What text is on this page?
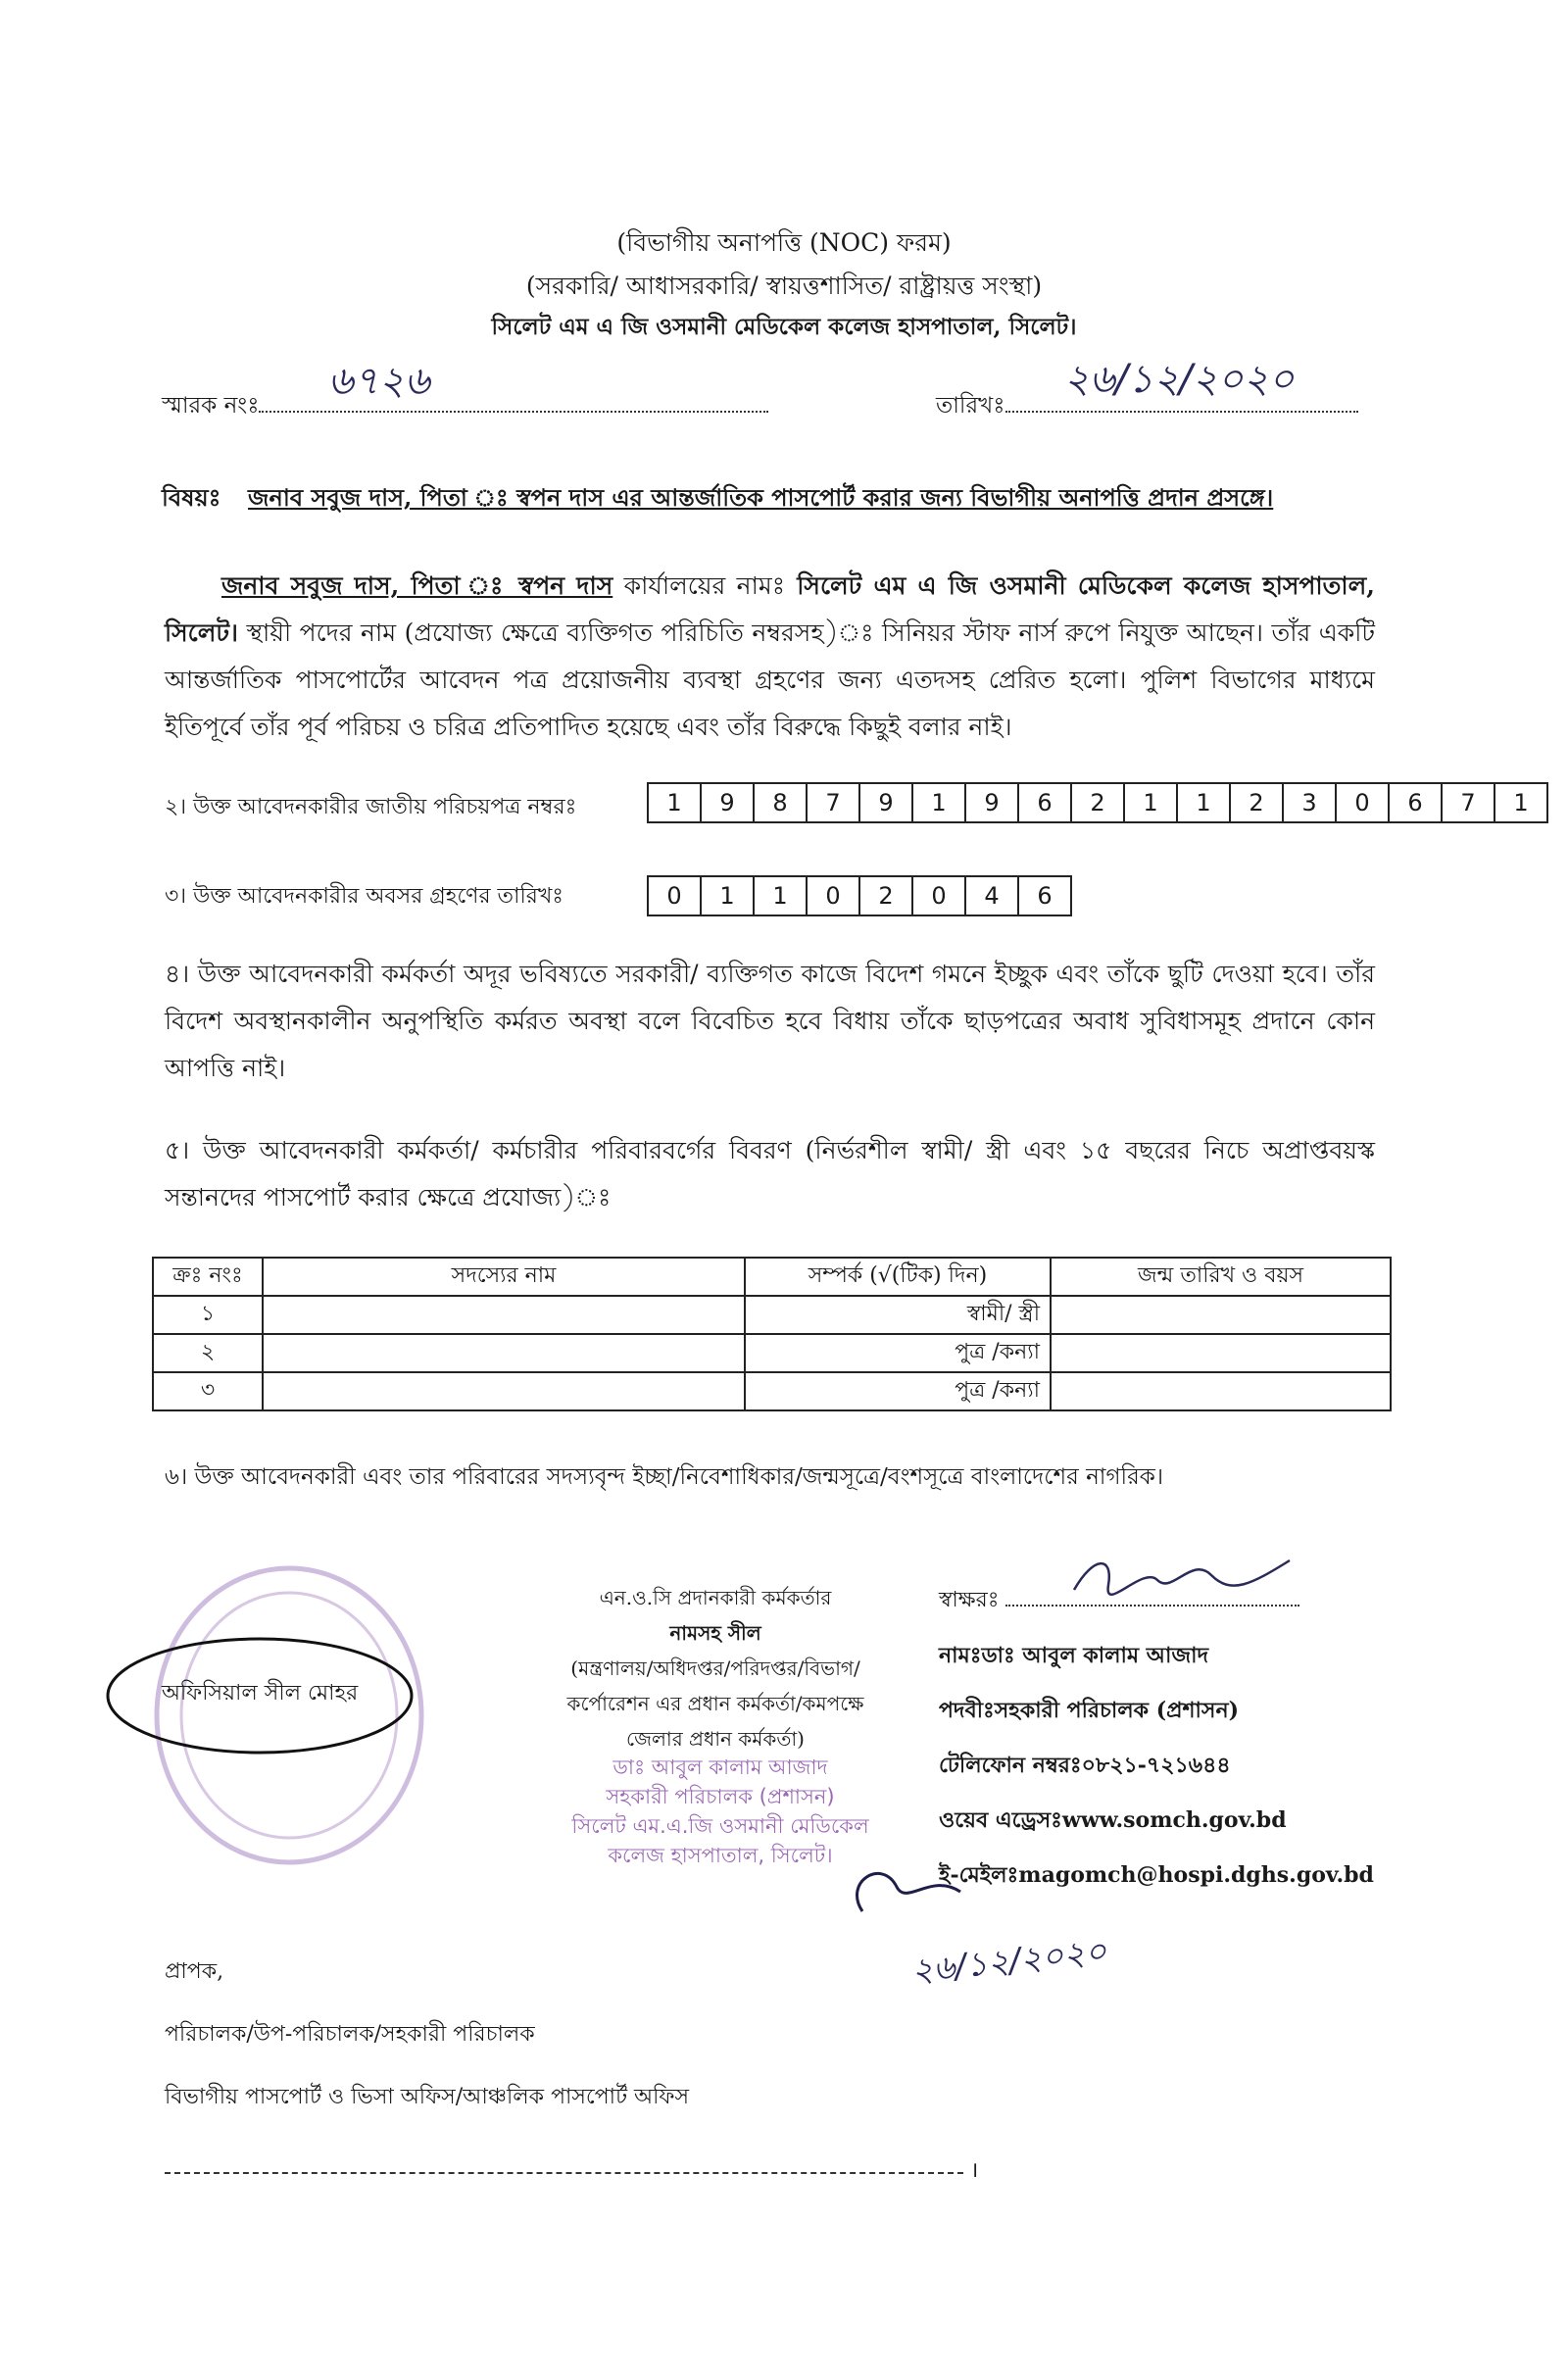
(বিভাগীয় অনাপত্তি (NOC) ফরম)
(সরকারি/ আধাসরকারি/ স্বায়ত্তশাসিত/ রাষ্ট্রায়ত্ত সংস্থা)
সিলেট এম এ জি ওসমানী মেডিকেল কলেজ হাসপাতাল, সিলেট।
স্মারক নংঃ
৬৭২৬
তারিখঃ
২৬/১২/২০২০
বিষয়ঃ জনাব সবুজ দাস, পিতা ঃ স্বপন দাস এর আন্তর্জাতিক পাসপোর্ট করার জন্য বিভাগীয় অনাপত্তি প্রদান প্রসঙ্গে।
জনাব সবুজ দাস, পিতা ঃ স্বপন দাস কার্যালয়ের নামঃ সিলেট এম এ জি ওসমানী মেডিকেল কলেজ হাসপাতাল, সিলেট। স্থায়ী পদের নাম (প্রযোজ্য ক্ষেত্রে ব্যক্তিগত পরিচিতি নম্বরসহ)ঃ সিনিয়র স্টাফ নার্স রুপে নিযুক্ত আছেন। তাঁর একটি আন্তর্জাতিক পাসপোর্টের আবেদন পত্র প্রয়োজনীয় ব্যবস্থা গ্রহণের জন্য এতদসহ প্রেরিত হলো। পুলিশ বিভাগের মাধ্যমে ইতিপূর্বে তাঁর পূর্ব পরিচয় ও চরিত্র প্রতিপাদিত হয়েছে এবং তাঁর বিরুদ্ধে কিছুই বলার নাই।
২। উক্ত আবেদনকারীর জাতীয় পরিচয়পত্র নম্বরঃ	1	9	8	7	9	1	9	6	2	1	1	2	3	0	6	7	1
৩। উক্ত আবেদনকারীর অবসর গ্রহণের তারিখঃ	0	1	1	0	2	0	4	6
৪। উক্ত আবেদনকারী কর্মকর্তা অদূর ভবিষ্যতে সরকারী/ ব্যক্তিগত কাজে বিদেশ গমনে ইচ্ছুক এবং তাঁকে ছুটি দেওয়া হবে। তাঁর বিদেশ অবস্থানকালীন অনুপস্থিতি কর্মরত অবস্থা বলে বিবেচিত হবে বিধায় তাঁকে ছাড়পত্রের অবাধ সুবিধাসমূহ প্রদানে কোন আপত্তি নাই।
৫। উক্ত আবেদনকারী কর্মকর্তা/ কর্মচারীর পরিবারবর্গের বিবরণ (নির্ভরশীল স্বামী/ স্ত্রী এবং ১৫ বছরের নিচে অপ্রাপ্তবয়স্ক সন্তানদের পাসপোর্ট করার ক্ষেত্রে প্রযোজ্য)ঃ
ক্রঃ নংঃ	সদস্যের নাম	সম্পর্ক (√(টিক) দিন)	জন্ম তারিখ ও বয়স
১		স্বামী/ স্ত্রী	
২		পুত্র /কন্যা	
৩		পুত্র /কন্যা	
৬। উক্ত আবেদনকারী এবং তার পরিবারের সদস্যবৃন্দ ইচ্ছা/নিবেশাধিকার/জন্মসূত্রে/বংশসূত্রে বাংলাদেশের নাগরিক।
অফিসিয়াল সীল মোহর
এন.ও.সি প্রদানকারী কর্মকর্তার
নামসহ সীল
(মন্ত্রণালয়/অধিদপ্তর/পরিদপ্তর/বিভাগ/
কর্পোরেশন এর প্রধান কর্মকর্তা/কমপক্ষে
জেলার প্রধান কর্মকর্তা)
ডাঃ আবুল কালাম আজাদ
সহকারী পরিচালক (প্রশাসন)
সিলেট এম.এ.জি ওসমানী মেডিকেল
কলেজ হাসপাতাল, সিলেট।
স্বাক্ষরঃ
নামঃডাঃ আবুল কালাম আজাদ
পদবীঃসহকারী পরিচালক (প্রশাসন)
টেলিফোন নম্বরঃ০৮২১-৭২১৬৪৪
ওয়েব এড্রেসঃwww.somch.gov.bd
ই-মেইলঃmagomch@hospi.dghs.gov.bd
২৬/১২/২০২০
প্রাপক,
পরিচালক/উপ-পরিচালক/সহকারী পরিচালক
বিভাগীয় পাসপোর্ট ও ভিসা অফিস/আঞ্চলিক পাসপোর্ট অফিস
।
